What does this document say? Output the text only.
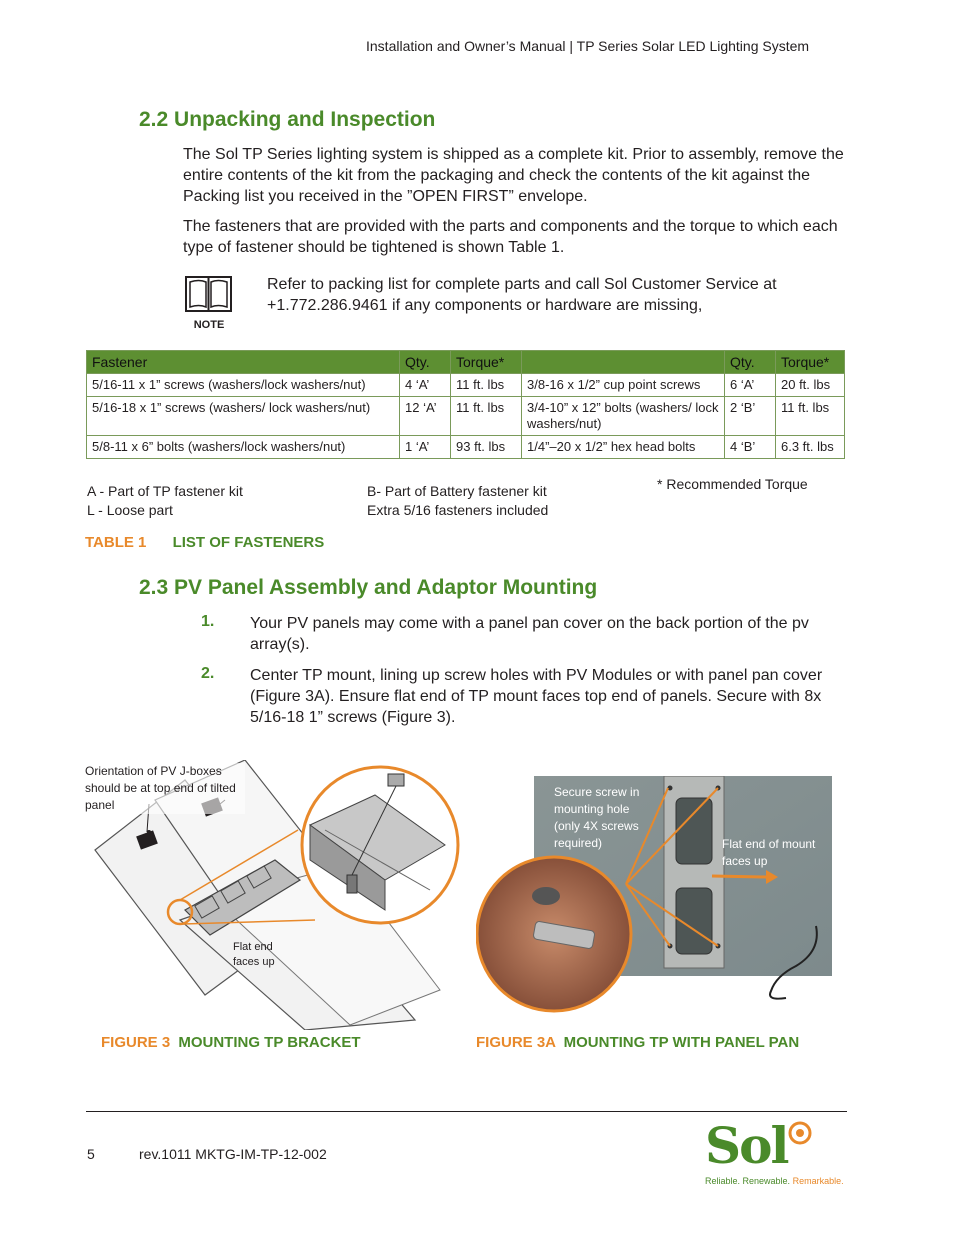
Installation and Owner’s Manual | TP Series Solar LED Lighting System
2.2 Unpacking and Inspection
The Sol TP Series lighting system is shipped as a complete kit. Prior to assembly, remove the entire contents of the kit from the packaging and check the contents of the kit against the Packing list you received in the ”OPEN FIRST” envelope.
The fasteners that are provided with the parts and components and the torque to which each type of fastener should be tightened is shown Table 1.
NOTE
Refer to packing list for complete parts and call Sol Customer Service at +1.772.286.9461 if any components or hardware are missing,
Fastener	Qty.	Torque*		Qty.	Torque*
5/16-11 x 1” screws (washers/lock washers/nut)	4 ‘A’	11 ft. lbs	3/8-16 x 1/2” cup point screws	6 ‘A’	20 ft. lbs
5/16-18 x 1” screws (washers/ lock washers/nut)	12 ‘A’	11 ft. lbs	3/4-10” x 12” bolts (washers/ lock washers/nut)	2 ‘B’	11 ft. lbs
5/8-11 x 6” bolts (washers/lock washers/nut)	1 ‘A’	93 ft. lbs	1/4”–20 x 1/2” hex head bolts	4 ‘B’	6.3 ft. lbs
A - Part of TP fastener kit
L - Loose part
B- Part of Battery fastener kit
Extra 5/16 fasteners included
* Recommended Torque
TABLE 1 LIST OF FASTENERS
2.3 PV Panel Assembly and Adaptor Mounting
1. Your PV panels may come with a panel pan cover on the back portion of the pv array(s).
2. Center TP mount, lining up screw holes with PV Modules or with panel pan cover (Figure 3A). Ensure flat end of TP mount faces top end of panels. Secure with 8x 5/16-18 1” screws (Figure 3).
Orientation of PV J-boxes should be at top end of tilted panel
Flat end faces up
Secure screw in mounting hole (only 4X screws required)	Flat end of mount faces up
FIGURE 3 MOUNTING TP BRACKET	FIGURE 3A MOUNTING TP WITH PANEL PAN
5	rev.1011 MKTG-IM-TP-12-002	Sol
Reliable. Renewable. Remarkable.
